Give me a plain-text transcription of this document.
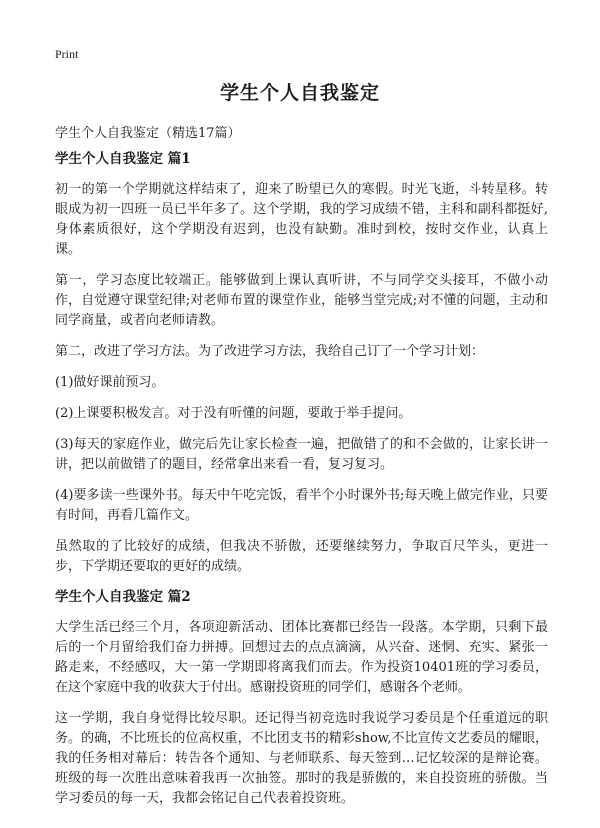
Print
学生个人自我鉴定
学生个人自我鉴定（精选17篇）
学生个人自我鉴定 篇1

初一的第一个学期就这样结束了，迎来了盼望已久的寒假。时光飞逝，斗转星移。转眼成为初一四班一员已半年多了。这个学期，我的学习成绩不错，主科和副科都挺好,身体素质很好，这个学期没有迟到，也没有缺勤。准时到校，按时交作业，认真上课。

第一，学习态度比较端正。能够做到上课认真听讲，不与同学交头接耳，不做小动作，自觉遵守课堂纪律;对老师布置的课堂作业，能够当堂完成;对不懂的问题，主动和同学商量，或者向老师请教。

第二，改进了学习方法。为了改进学习方法，我给自己订了一个学习计划：

(1)做好课前预习。

(2)上课要积极发言。对于没有听懂的问题，要敢于举手提问。

(3)每天的家庭作业，做完后先让家长检查一遍，把做错了的和不会做的，让家长讲一讲，把以前做错了的题目，经常拿出来看一看，复习复习。

(4)要多读一些课外书。每天中午吃完饭，看半个小时课外书;每天晚上做完作业，只要有时间，再看几篇作文。

虽然取的了比较好的成绩，但我决不骄傲，还要继续努力，争取百尺竿头，更进一步，下学期还要取的更好的成绩。

学生个人自我鉴定 篇2

大学生活已经三个月，各项迎新活动、团体比赛都已经告一段落。本学期，只剩下最后的一个月留给我们奋力拼搏。回想过去的点点滴滴，从兴奋、迷惘、充实、紧张一路走来，不经感叹，大一第一学期即将离我们而去。作为投资10401班的学习委员，在这个家庭中我的收获大于付出。感谢投资班的同学们，感谢各个老师。

这一学期，我自身觉得比较尽职。还记得当初竞选时我说学习委员是个任重道远的职务。的确，不比班长的位高权重，不比团支书的精彩show,不比宣传文艺委员的耀眼，我的任务相对幕后：转告各个通知、与老师联系、每天签到…记忆较深的是辩论赛。班级的每一次胜出意味着我再一次抽签。那时的我是骄傲的，来自投资班的骄傲。当学习委员的每一天，我都会铭记自己代表着投资班。
